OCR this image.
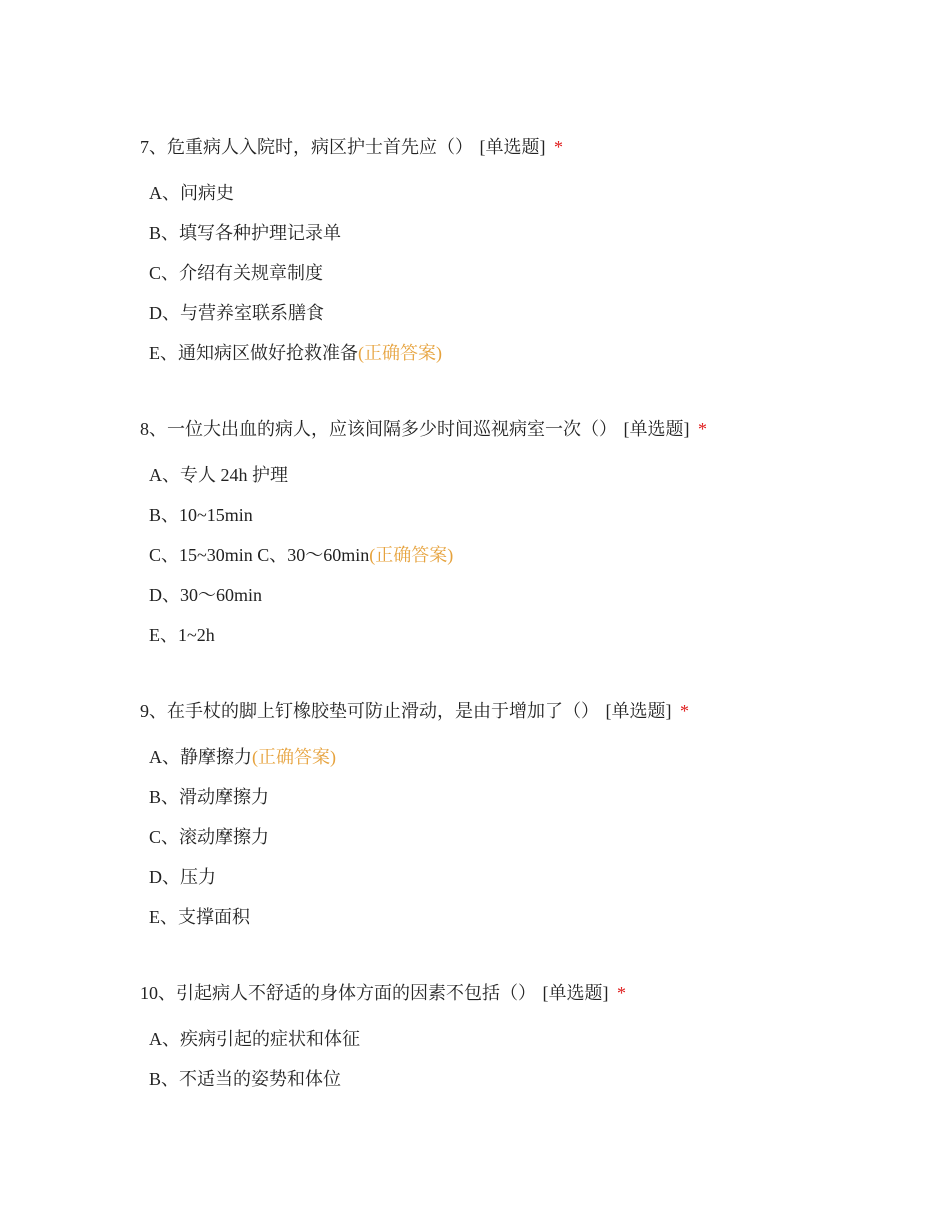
7、危重病人入院时，病区护士首先应（） [单选题] *
A、问病史
B、填写各种护理记录单
C、介绍有关规章制度
D、与营养室联系膳食
E、通知病区做好抢救准备(正确答案)
8、一位大出血的病人，应该间隔多少时间巡视病室一次（） [单选题] *
A、专人 24h 护理
B、10~15min
C、15~30min C、30～60min(正确答案)
D、30～60min
E、1~2h
9、在手杖的脚上钉橡胶垫可防止滑动，是由于增加了（） [单选题] *
A、静摩擦力(正确答案)
B、滑动摩擦力
C、滚动摩擦力
D、压力
E、支撑面积
10、引起病人不舒适的身体方面的因素不包括（） [单选题] *
A、疾病引起的症状和体征
B、不适当的姿势和体位
